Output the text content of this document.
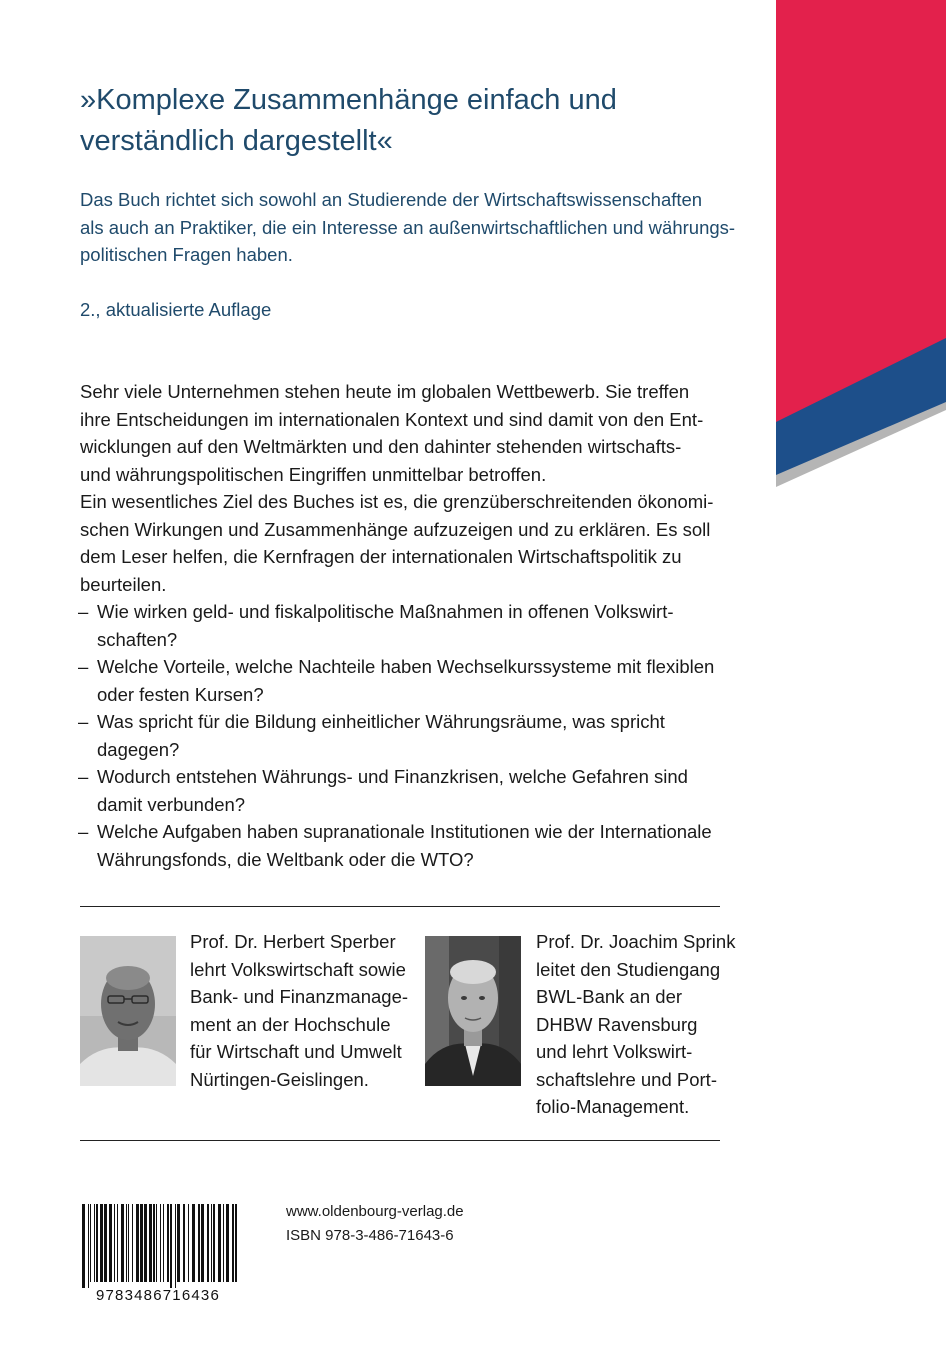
»Komplexe Zusammenhänge einfach und
verständlich dargestellt«

Das Buch richtet sich sowohl an Studierende der Wirtschaftswissenschaften
als auch an Praktiker, die ein Interesse an außenwirtschaftlichen und währungs-
politischen Fragen haben.

2., aktualisierte Auflage

Sehr viele Unternehmen stehen heute im globalen Wettbewerb. Sie treffen
ihre Entscheidungen im internationalen Kontext und sind damit von den Ent-
wicklungen auf den Weltmärkten und den dahinter stehenden wirtschafts-
und währungspolitischen Eingriffen unmittelbar betroffen.

Ein wesentliches Ziel des Buches ist es, die grenzüberschreitenden ökonomi-
schen Wirkungen und Zusammenhänge aufzuzeigen und zu erklären. Es soll
dem Leser helfen, die Kernfragen der internationalen Wirtschaftspolitik zu
beurteilen.

– Wie wirken geld- und fiskalpolitische Maßnahmen in offenen Volkswirt-
schaften?
– Welche Vorteile, welche Nachteile haben Wechselkurssysteme mit flexiblen
oder festen Kursen?
– Was spricht für die Bildung einheitlicher Währungsräume, was spricht
dagegen?
– Wodurch entstehen Währungs- und Finanzkrisen, welche Gefahren sind
damit verbunden?
– Welche Aufgaben haben supranationale Institutionen wie der Internationale
Währungsfonds, die Weltbank oder die WTO?

Prof. Dr. Herbert Sperber
lehrt Volkswirtschaft sowie
Bank- und Finanzmanage-
ment an der Hochschule
für Wirtschaft und Umwelt
Nürtingen-Geislingen.

Prof. Dr. Joachim Sprink
leitet den Studiengang
BWL-Bank an der
DHBW Ravensburg
und lehrt Volkswirt-
schaftslehre und Port-
folio-Management.

9783486716436
www.oldenbourg-verlag.de
ISBN 978-3-486-71643-6
